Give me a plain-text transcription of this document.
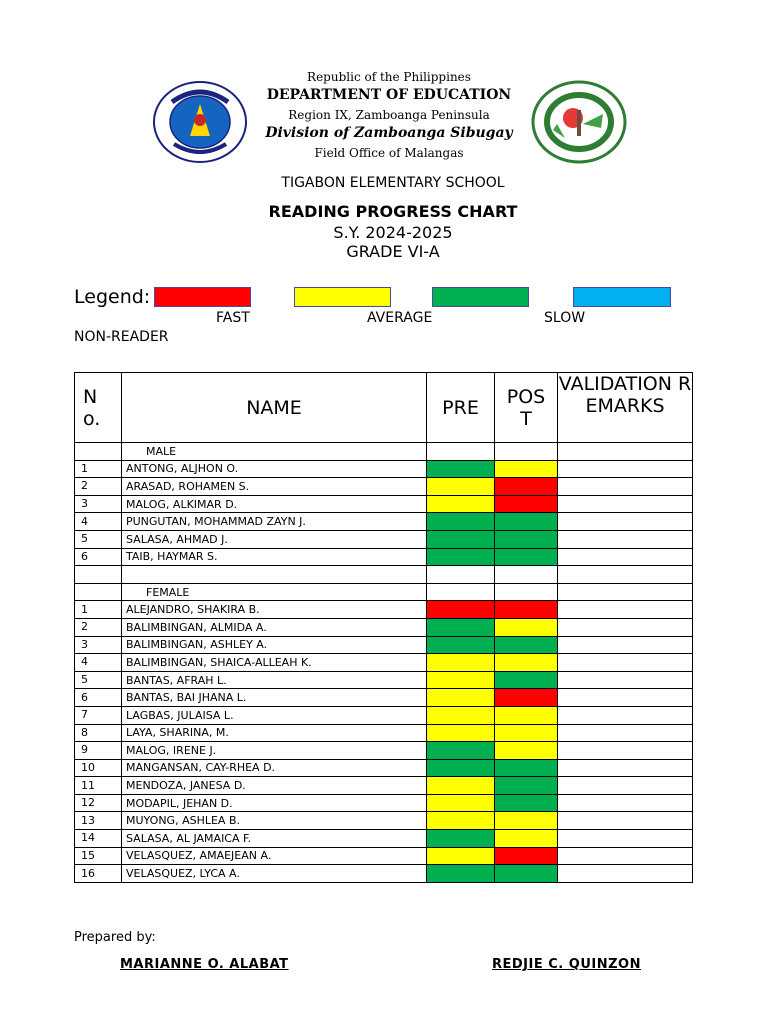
Republic of the Philippines
DEPARTMENT OF EDUCATION
Region IX, Zamboanga Peninsula
Division of Zamboanga Sibugay
Field Office of Malangas
TIGABON ELEMENTARY SCHOOL
READING PROGRESS CHART
S.Y. 2024-2025
GRADE VI-A
Legend:
FAST	AVERAGE	SLOW
NON-READER
No.	NAME	PRE	POST	VALIDATION REMARKS
	MALE			
1	ANTONG, ALJHON O.			
2	ARASAD, ROHAMEN S.			
3	MALOG, ALKIMAR D.			
4	PUNGUTAN, MOHAMMAD ZAYN J.			
5	SALASA, AHMAD J.			
6	TAIB, HAYMAR S.			

	FEMALE			
1	ALEJANDRO, SHAKIRA B.			
2	BALIMBINGAN, ALMIDA A.			
3	BALIMBINGAN, ASHLEY A.			
4	BALIMBINGAN, SHAICA-ALLEAH K.			
5	BANTAS, AFRAH L.			
6	BANTAS, BAI JHANA L.			
7	LAGBAS, JULAISA L.			
8	LAYA, SHARINA, M.			
9	MALOG, IRENE J.			
10	MANGANSAN, CAY-RHEA D.			
11	MENDOZA, JANESA D.			
12	MODAPIL, JEHAN D.			
13	MUYONG, ASHLEA B.			
14	SALASA, AL JAMAICA F.			
15	VELASQUEZ, AMAEJEAN A.			
16	VELASQUEZ, LYCA A.			
Prepared by:
MARIANNE O. ALABAT	REDJIE C. QUINZON
